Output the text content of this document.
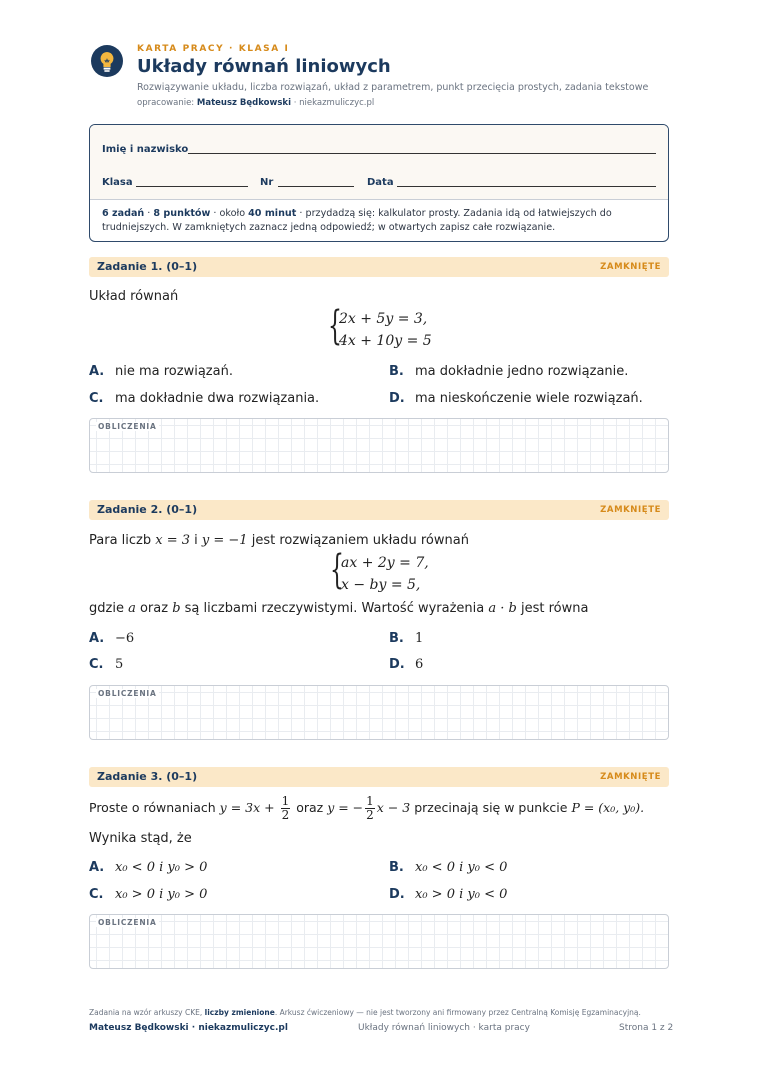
KARTA PRACY · KLASA I
Układy równań liniowych
Rozwiązywanie układu, liczba rozwiązań, układ z parametrem, punkt przecięcia prostych, zadania tekstowe
opracowanie: Mateusz Będkowski · niekazmuliczyc.pl
Imię i nazwisko
Klasa	Nr	Data
6 zadań · 8 punktów · około 40 minut · przydadzą się: kalkulator prosty. Zadania idą od łatwiejszych do trudniejszych. W zamkniętych zaznacz jedną odpowiedź; w otwartych zapisz całe rozwiązanie.
Zadanie 1. (0–1)	ZAMKNIĘTE
Układ równań
{
2x + 5y = 3,
4x + 10y = 5
A. nie ma rozwiązań.	B. ma dokładnie jedno rozwiązanie.
C. ma dokładnie dwa rozwiązania.	D. ma nieskończenie wiele rozwiązań.
OBLICZENIA
Zadanie 2. (0–1)	ZAMKNIĘTE
Para liczb x = 3 i y = −1 jest rozwiązaniem układu równań
{
ax + 2y = 7,
x − by = 5,
gdzie a oraz b są liczbami rzeczywistymi. Wartość wyrażenia a · b jest równa
A. −6	B. 1
C. 5	D. 6
OBLICZENIA
Zadanie 3. (0–1)	ZAMKNIĘTE
Proste o równaniach $y = 3x + \frac{1}{2}$ oraz y = − $\frac{1}{2}$ x − 3 przecinają się w punkcie P = (x₀, y₀).
Wynika stąd, że
A. x₀ < 0 i y₀ > 0	B. x₀ < 0 i y₀ < 0
C. x₀ > 0 i y₀ > 0	D. x₀ > 0 i y₀ < 0
OBLICZENIA
Zadania na wzór arkuszy CKE, liczby zmienione. Arkusz ćwiczeniowy — nie jest tworzony ani firmowany przez Centralną Komisję Egzaminacyjną.
Mateusz Będkowski · niekazmuliczyc.pl	Układy równań liniowych · karta pracy	Strona 1 z 2
